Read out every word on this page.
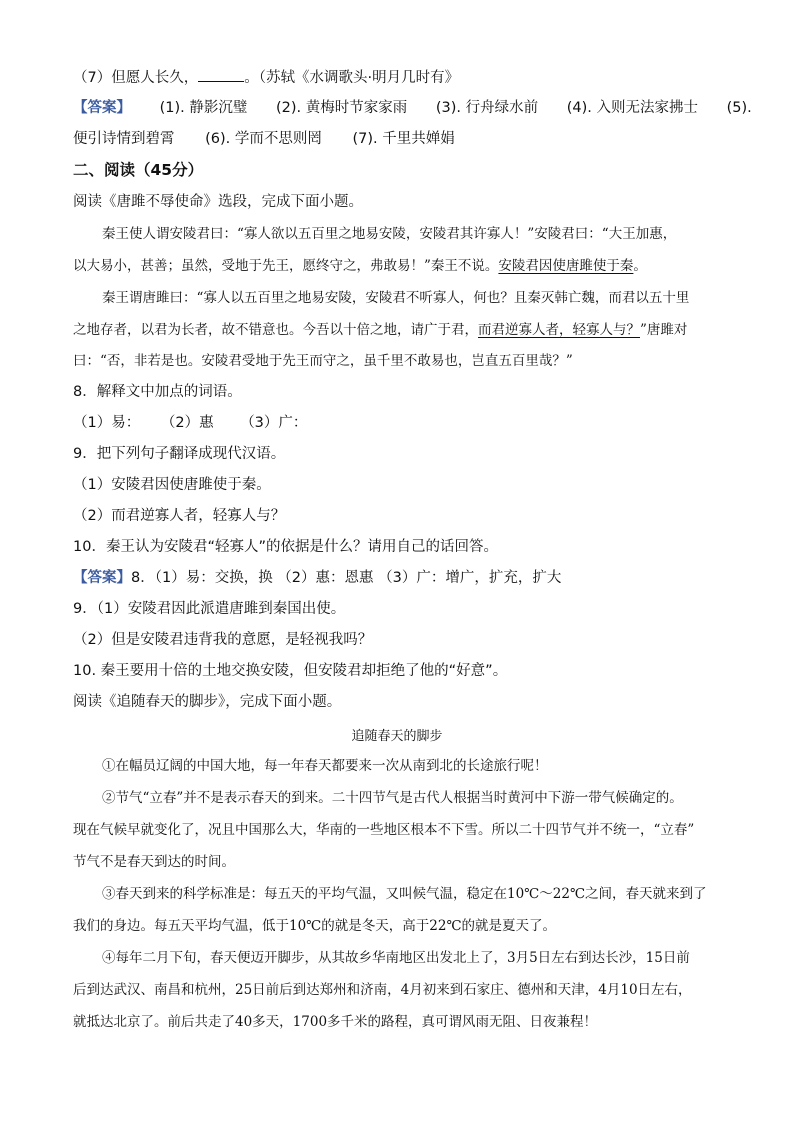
（7）但愿人长久，	。（苏轼《水调歌头·明月几时有》
【答案】 (1). 静影沉璧 (2). 黄梅时节家家雨 (3). 行舟绿水前 (4). 入则无法家拂士 (5).
便引诗情到碧霄 (6). 学而不思则罔 (7). 千里共婵娟
二、阅读（45分）
阅读《唐雎不辱使命》选段，完成下面小题。
秦王使人谓安陵君曰：“寡人欲以五百里之地易安陵，安陵君其许寡人！”安陵君曰：“大王加惠，
以大易小，甚善；虽然，受地于先王，愿终守之，弗敢易！”秦王不说。安陵君因使唐雎使于秦。
秦王谓唐雎曰：“寡人以五百里之地易安陵，安陵君不听寡人，何也？且秦灭韩亡魏，而君以五十里
之地存者，以君为长者，故不错意也。今吾以十倍之地，请广于君，而君逆寡人者，轻寡人与？”唐雎对
曰：“否，非若是也。安陵君受地于先王而守之，虽千里不敢易也，岂直五百里哉？”
8．解释文中加点的词语。
（1）易： （2）惠 （3）广：
9．把下列句子翻译成现代汉语。
（1）安陵君因使唐雎使于秦。
（2）而君逆寡人者，轻寡人与？
10．秦王认为安陵君“轻寡人”的依据是什么？请用自己的话回答。
【答案】8．（1）易：交换，换 （2）惠：恩惠 （3）广：增广，扩充，扩大
9．（1）安陵君因此派遣唐雎到秦国出使。
（2）但是安陵君违背我的意愿，是轻视我吗？
10. 秦王要用十倍的土地交换安陵，但安陵君却拒绝了他的“好意”。
阅读《追随春天的脚步》，完成下面小题。
追随春天的脚步
①在幅员辽阔的中国大地，每一年春天都要来一次从南到北的长途旅行呢！
②节气“立春”并不是表示春天的到来。二十四节气是古代人根据当时黄河中下游一带气候确定的。
现在气候早就变化了，况且中国那么大，华南的一些地区根本不下雪。所以二十四节气并不统一，“立春”
节气不是春天到达的时间。
③春天到来的科学标准是：每五天的平均气温，又叫候气温，稳定在10℃～22℃之间，春天就来到了
我们的身边。每五天平均气温，低于10℃的就是冬天，高于22℃的就是夏天了。
④每年二月下旬，春天便迈开脚步，从其故乡华南地区出发北上了，3月5日左右到达长沙，15日前
后到达武汉、南昌和杭州，25日前后到达郑州和济南，4月初来到石家庄、德州和天津，4月10日左右，
就抵达北京了。前后共走了40多天，1700多千米的路程，真可谓风雨无阻、日夜兼程！
